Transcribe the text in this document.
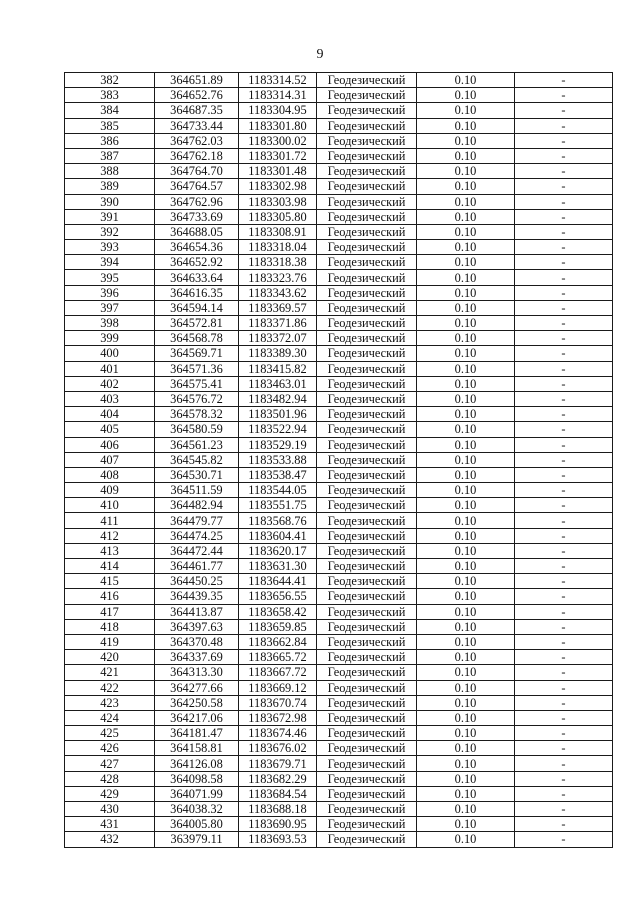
9
382	364651.89	1183314.52	Геодезический	0.10	-
383	364652.76	1183314.31	Геодезический	0.10	-
384	364687.35	1183304.95	Геодезический	0.10	-
385	364733.44	1183301.80	Геодезический	0.10	-
386	364762.03	1183300.02	Геодезический	0.10	-
387	364762.18	1183301.72	Геодезический	0.10	-
388	364764.70	1183301.48	Геодезический	0.10	-
389	364764.57	1183302.98	Геодезический	0.10	-
390	364762.96	1183303.98	Геодезический	0.10	-
391	364733.69	1183305.80	Геодезический	0.10	-
392	364688.05	1183308.91	Геодезический	0.10	-
393	364654.36	1183318.04	Геодезический	0.10	-
394	364652.92	1183318.38	Геодезический	0.10	-
395	364633.64	1183323.76	Геодезический	0.10	-
396	364616.35	1183343.62	Геодезический	0.10	-
397	364594.14	1183369.57	Геодезический	0.10	-
398	364572.81	1183371.86	Геодезический	0.10	-
399	364568.78	1183372.07	Геодезический	0.10	-
400	364569.71	1183389.30	Геодезический	0.10	-
401	364571.36	1183415.82	Геодезический	0.10	-
402	364575.41	1183463.01	Геодезический	0.10	-
403	364576.72	1183482.94	Геодезический	0.10	-
404	364578.32	1183501.96	Геодезический	0.10	-
405	364580.59	1183522.94	Геодезический	0.10	-
406	364561.23	1183529.19	Геодезический	0.10	-
407	364545.82	1183533.88	Геодезический	0.10	-
408	364530.71	1183538.47	Геодезический	0.10	-
409	364511.59	1183544.05	Геодезический	0.10	-
410	364482.94	1183551.75	Геодезический	0.10	-
411	364479.77	1183568.76	Геодезический	0.10	-
412	364474.25	1183604.41	Геодезический	0.10	-
413	364472.44	1183620.17	Геодезический	0.10	-
414	364461.77	1183631.30	Геодезический	0.10	-
415	364450.25	1183644.41	Геодезический	0.10	-
416	364439.35	1183656.55	Геодезический	0.10	-
417	364413.87	1183658.42	Геодезический	0.10	-
418	364397.63	1183659.85	Геодезический	0.10	-
419	364370.48	1183662.84	Геодезический	0.10	-
420	364337.69	1183665.72	Геодезический	0.10	-
421	364313.30	1183667.72	Геодезический	0.10	-
422	364277.66	1183669.12	Геодезический	0.10	-
423	364250.58	1183670.74	Геодезический	0.10	-
424	364217.06	1183672.98	Геодезический	0.10	-
425	364181.47	1183674.46	Геодезический	0.10	-
426	364158.81	1183676.02	Геодезический	0.10	-
427	364126.08	1183679.71	Геодезический	0.10	-
428	364098.58	1183682.29	Геодезический	0.10	-
429	364071.99	1183684.54	Геодезический	0.10	-
430	364038.32	1183688.18	Геодезический	0.10	-
431	364005.80	1183690.95	Геодезический	0.10	-
432	363979.11	1183693.53	Геодезический	0.10	-
